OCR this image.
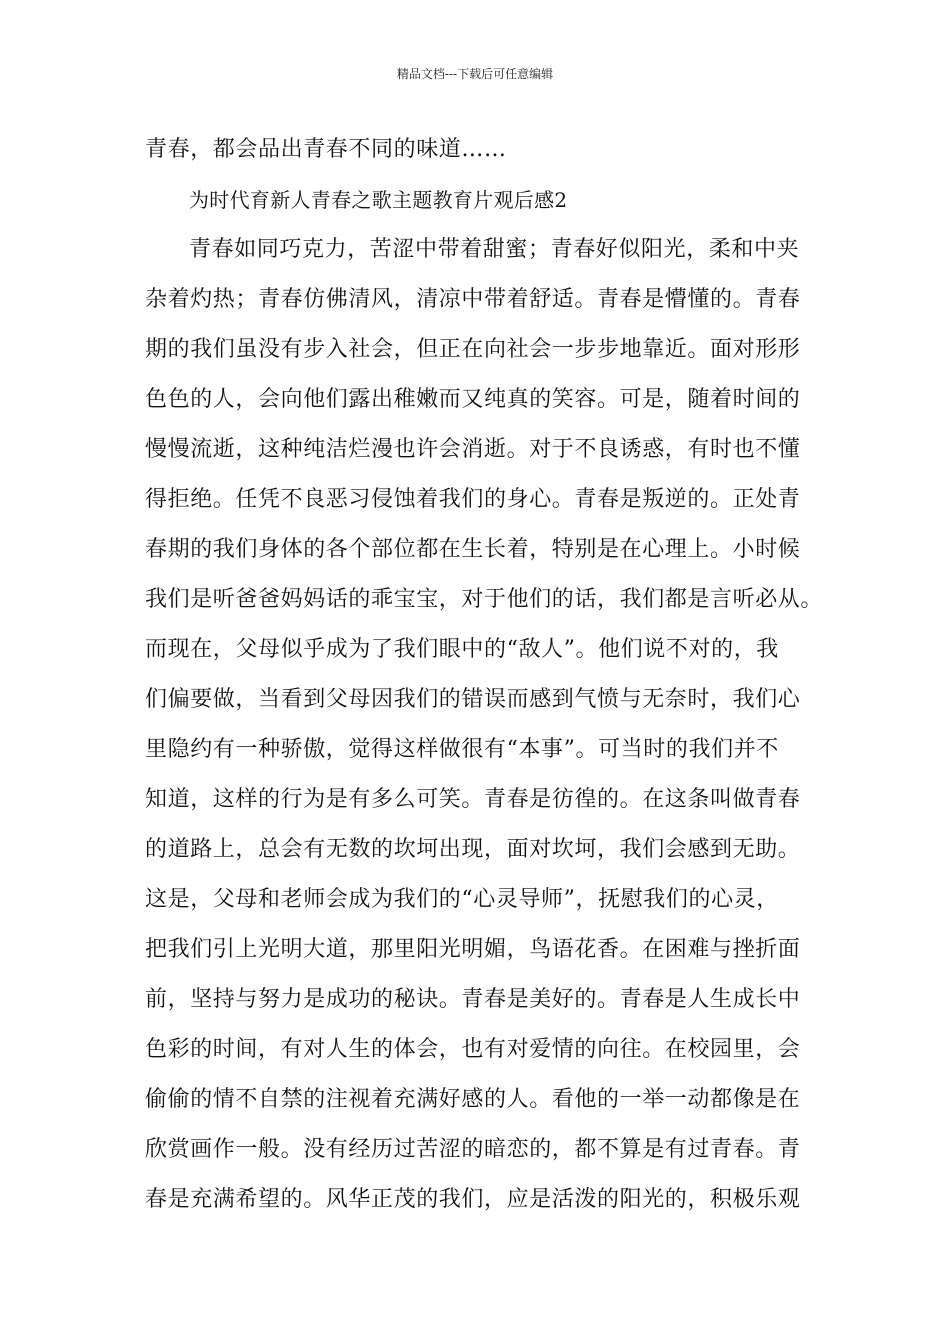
精品文档---下载后可任意编辑
青春，都会品出青春不同的味道……
为时代育新人青春之歌主题教育片观后感2
青春如同巧克力，苦涩中带着甜蜜；青春好似阳光，柔和中夹
杂着灼热；青春仿佛清风，清凉中带着舒适。青春是懵懂的。青春
期的我们虽没有步入社会，但正在向社会一步步地靠近。面对形形
色色的人，会向他们露出稚嫩而又纯真的笑容。可是，随着时间的
慢慢流逝，这种纯洁烂漫也许会消逝。对于不良诱惑，有时也不懂
得拒绝。任凭不良恶习侵蚀着我们的身心。青春是叛逆的。正处青
春期的我们身体的各个部位都在生长着，特别是在心理上。小时候
我们是听爸爸妈妈话的乖宝宝，对于他们的话，我们都是言听必从。
而现在，父母似乎成为了我们眼中的“敌人”。他们说不对的，我
们偏要做，当看到父母因我们的错误而感到气愤与无奈时，我们心
里隐约有一种骄傲，觉得这样做很有“本事”。可当时的我们并不
知道，这样的行为是有多么可笑。青春是彷徨的。在这条叫做青春
的道路上，总会有无数的坎坷出现，面对坎坷，我们会感到无助。
这是，父母和老师会成为我们的“心灵导师”，抚慰我们的心灵，
把我们引上光明大道，那里阳光明媚，鸟语花香。在困难与挫折面
前，坚持与努力是成功的秘诀。青春是美好的。青春是人生成长中
色彩的时间，有对人生的体会，也有对爱情的向往。在校园里，会
偷偷的情不自禁的注视着充满好感的人。看他的一举一动都像是在
欣赏画作一般。没有经历过苦涩的暗恋的，都不算是有过青春。青
春是充满希望的。风华正茂的我们，应是活泼的阳光的，积极乐观
